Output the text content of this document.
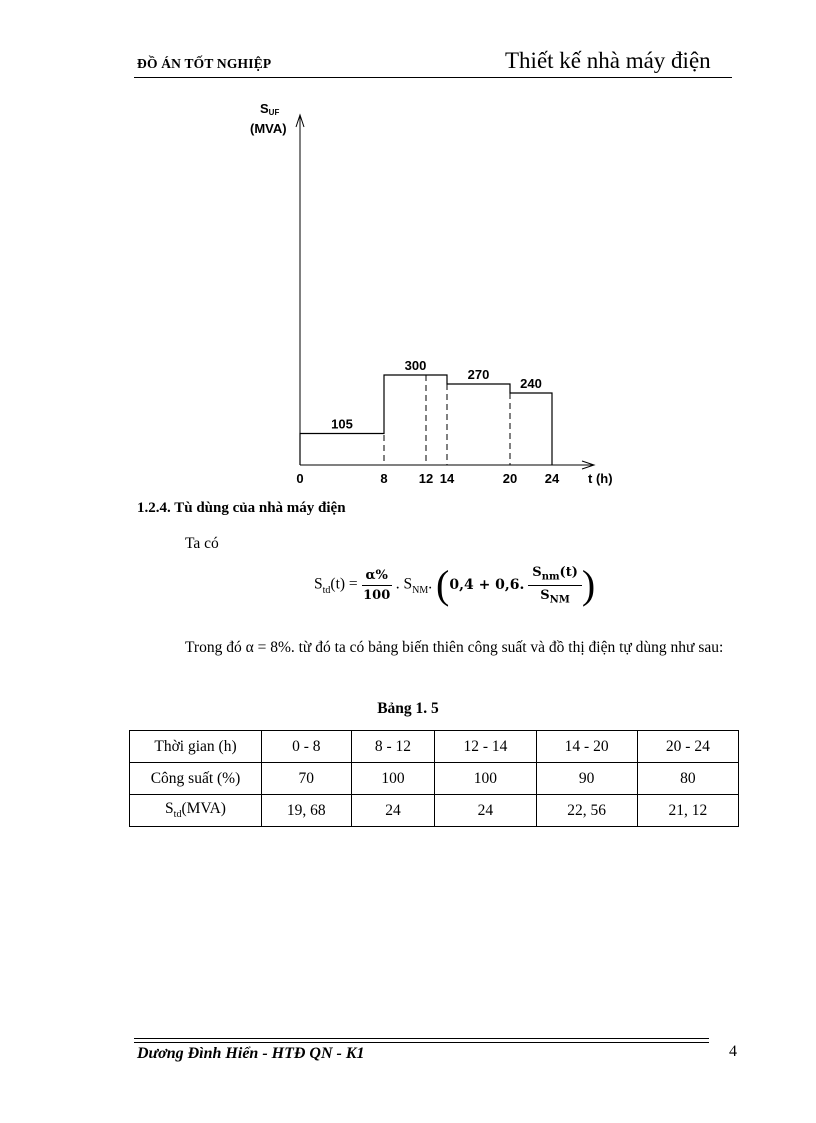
ĐỒ ÁN TỐT NGHIỆP	Thiết kế nhà máy điện
SUF
(MVA)
t (h)
105
300
270
240
0	8 12 14	20 24
1.2.4. Tù dùng của nhà máy điện
Ta có
$S_{td}(t) = \frac{\alpha\%}{100}$ . $S_{NM}$. (0,4 + 0,6. $\frac{S_{nm}(t)}{S_{NM}}$ )
Trong đó α = 8%. từ đó ta có bảng biến thiên công suất và đồ thị điện tự dùng như sau:
Bảng 1. 5
Thời gian (h)	0 - 8	8 - 12	12 - 14	14 - 20	20 - 24
Công suất (%)	70	100	100	90	80
$S_{td}(MVA)$	19, 68	24	24	22, 56	21, 12
Dương Đình Hiển - HTĐ QN - K1	4
